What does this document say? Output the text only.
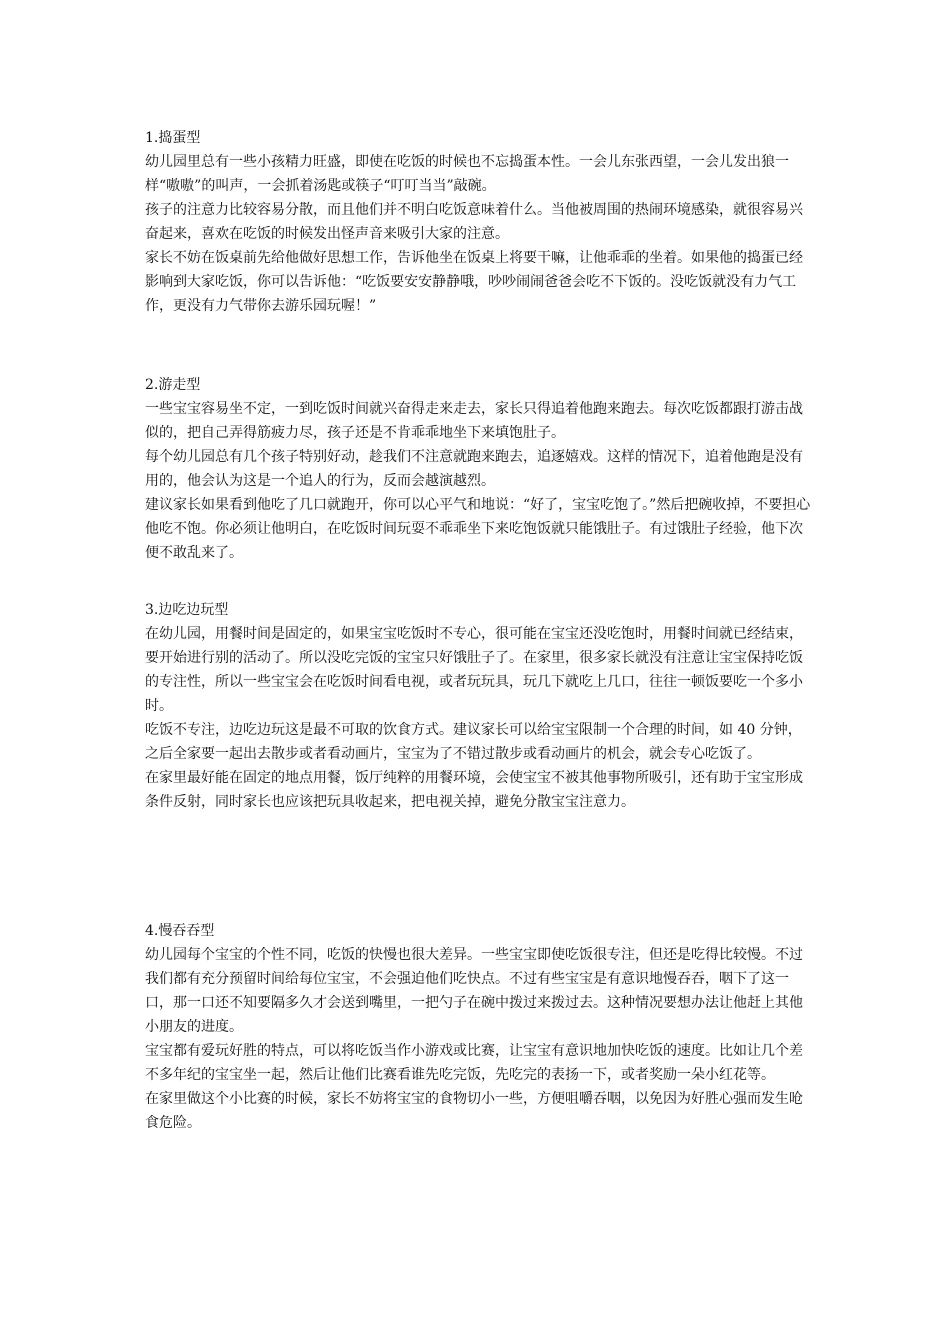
1.捣蛋型

幼儿园里总有一些小孩精力旺盛，即使在吃饭的时候也不忘捣蛋本性。一会儿东张西望，一会儿发出狼一样“嗷嗷”的叫声，一会抓着汤匙或筷子“叮叮当当”敲碗。

孩子的注意力比较容易分散，而且他们并不明白吃饭意味着什么。当他被周围的热闹环境感染，就很容易兴奋起来，喜欢在吃饭的时候发出怪声音来吸引大家的注意。

家长不妨在饭桌前先给他做好思想工作，告诉他坐在饭桌上将要干嘛，让他乖乖的坐着。如果他的捣蛋已经影响到大家吃饭，你可以告诉他：“吃饭要安安静静哦，吵吵闹闹爸爸会吃不下饭的。没吃饭就没有力气工作，更没有力气带你去游乐园玩喔！”

2.游走型

一些宝宝容易坐不定，一到吃饭时间就兴奋得走来走去，家长只得追着他跑来跑去。每次吃饭都跟打游击战似的，把自己弄得筋疲力尽，孩子还是不肯乖乖地坐下来填饱肚子。

每个幼儿园总有几个孩子特别好动，趁我们不注意就跑来跑去，追逐嬉戏。这样的情况下，追着他跑是没有用的，他会认为这是一个追人的行为，反而会越演越烈。

建议家长如果看到他吃了几口就跑开，你可以心平气和地说：“好了，宝宝吃饱了。”然后把碗收掉，不要担心他吃不饱。你必须让他明白，在吃饭时间玩耍不乖乖坐下来吃饱饭就只能饿肚子。有过饿肚子经验，他下次便不敢乱来了。

3.边吃边玩型

在幼儿园，用餐时间是固定的，如果宝宝吃饭时不专心，很可能在宝宝还没吃饱时，用餐时间就已经结束，要开始进行别的活动了。所以没吃完饭的宝宝只好饿肚子了。在家里，很多家长就没有注意让宝宝保持吃饭的专注性，所以一些宝宝会在吃饭时间看电视，或者玩玩具，玩几下就吃上几口，往往一顿饭要吃一个多小时。

吃饭不专注，边吃边玩这是最不可取的饮食方式。建议家长可以给宝宝限制一个合理的时间，如 40 分钟，之后全家要一起出去散步或者看动画片，宝宝为了不错过散步或看动画片的机会，就会专心吃饭了。

在家里最好能在固定的地点用餐，饭厅纯粹的用餐环境，会使宝宝不被其他事物所吸引，还有助于宝宝形成条件反射，同时家长也应该把玩具收起来，把电视关掉，避免分散宝宝注意力。

4.慢吞吞型

幼儿园每个宝宝的个性不同，吃饭的快慢也很大差异。一些宝宝即使吃饭很专注，但还是吃得比较慢。不过我们都有充分预留时间给每位宝宝，不会强迫他们吃快点。不过有些宝宝是有意识地慢吞吞，咽下了这一口，那一口还不知要隔多久才会送到嘴里，一把勺子在碗中拨过来拨过去。这种情况要想办法让他赶上其他小朋友的进度。

宝宝都有爱玩好胜的特点，可以将吃饭当作小游戏或比赛，让宝宝有意识地加快吃饭的速度。比如让几个差不多年纪的宝宝坐一起，然后让他们比赛看谁先吃完饭，先吃完的表扬一下，或者奖励一朵小红花等。

在家里做这个小比赛的时候，家长不妨将宝宝的食物切小一些，方便咀嚼吞咽，以免因为好胜心强而发生呛食危险。
